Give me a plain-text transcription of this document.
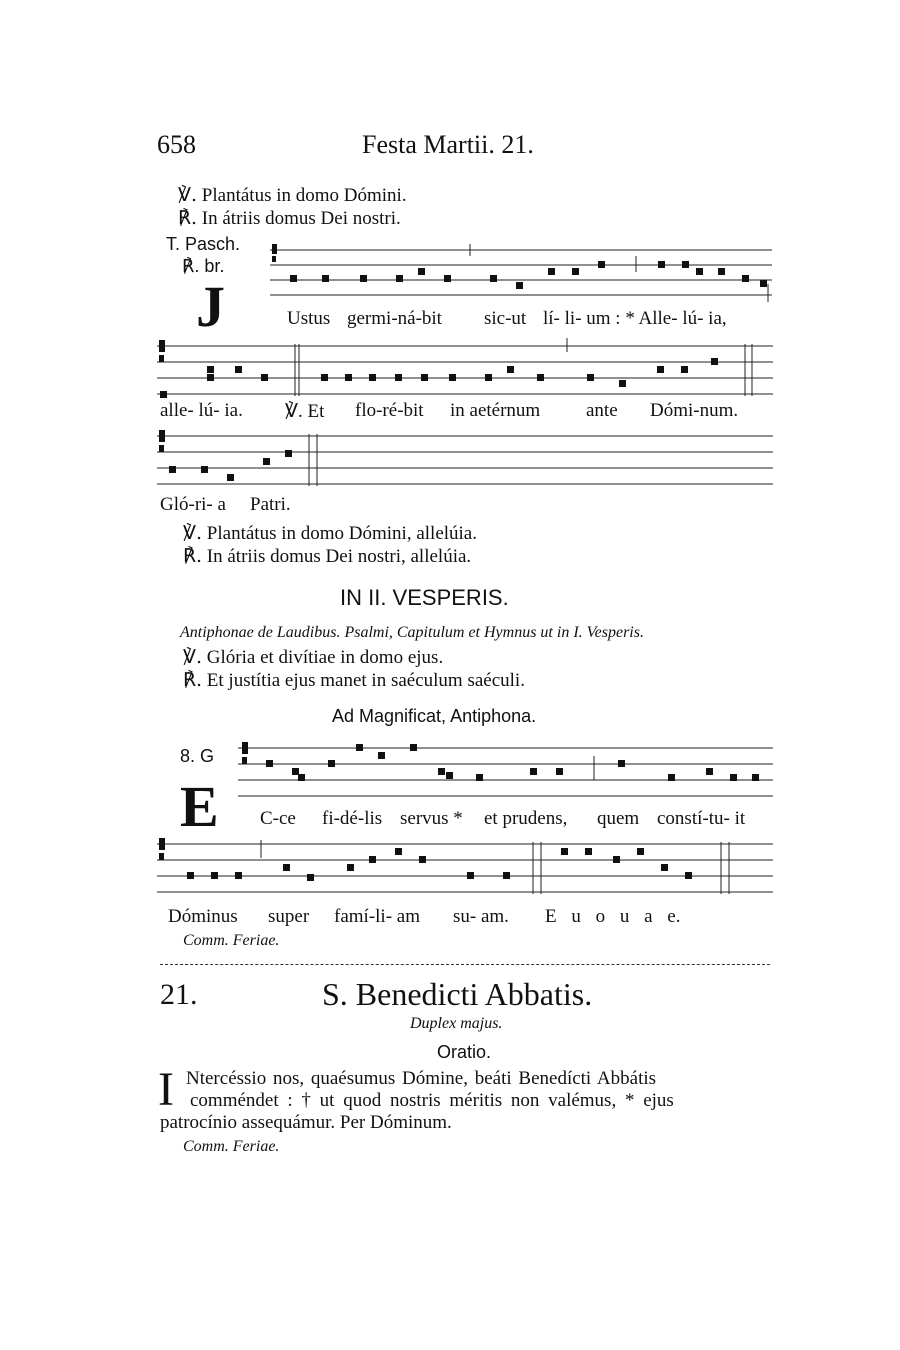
658	Festa Martii. 21.
℣. Plantátus in domo Dómini.
℟. In átriis domus Dei nostri.
T. Pasch.
℟. br.
J	Ustus germi-ná-bit sic-ut lí- li- um : * Alle- lú- ia,
alle- lú- ia. ℣. Et flo-ré-bit in aetérnum ante Dómi-num.
Gló-ri- a Patri.
℣. Plantátus in domo Dómini, allelúia.
℟. In átriis domus Dei nostri, allelúia.
IN II. VESPERIS.
Antiphonae de Laudibus. Psalmi, Capitulum et Hymnus ut in I. Vesperis.
℣. Glória et divítiae in domo ejus.
℟. Et justítia ejus manet in saéculum saéculi.
Ad Magnificat, Antiphona.
8. G
E C-ce fi-dé-lis servus * et prudens, quem constí-tu- it
Dóminus super famí-li- am su- am. E u o u a e.
Comm. Feriae.
21.	S. Benedicti Abbatis.
Duplex majus.
Oratio.
I Ntercéssio nos, quaésumus Dómine, beáti Benedícti Abbátis
comméndet : † ut quod nostris méritis non valémus, * ejus
patrocínio assequámur. Per Dóminum.
Comm. Feriae.
